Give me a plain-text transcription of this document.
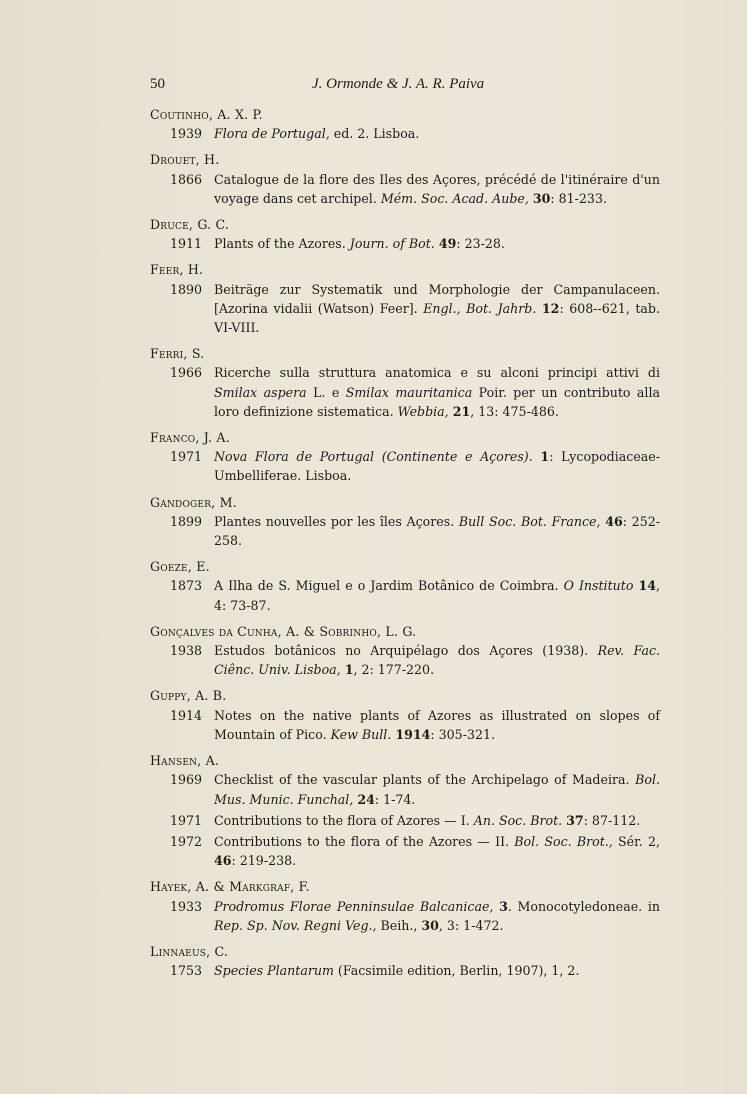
50	J. Ormonde & J. A. R. Paiva
Coutinho, A. X. P.
1939 Flora de Portugal, ed. 2. Lisboa.
Drouet, H.
1866 Catalogue de la flore des Iles des Açores, précédé de l'itinéraire d'un voyage dans cet archipel. Mém. Soc. Acad. Aube, 30: 81-233.
Druce, G. C.
1911 Plants of the Azores. Journ. of Bot. 49: 23-28.
Feer, H.
1890 Beiträge zur Systematik und Morphologie der Campanulaceen. [Azorina vidalii (Watson) Feer]. Engl., Bot. Jahrb. 12: 608--621, tab. VI-VIII.
Ferri, S.
1966 Ricerche sulla struttura anatomica e su alconi principi attivi di Smilax aspera L. e Smilax mauritanica Poir. per un contributo alla loro definizione sistematica. Webbia, 21, 13: 475-486.
Franco, J. A.
1971 Nova Flora de Portugal (Continente e Açores). 1: Lycopodiaceae-Umbelliferae. Lisboa.
Gandoger, M.
1899 Plantes nouvelles por les îles Açores. Bull Soc. Bot. France, 46: 252-258.
Goeze, E.
1873 A Ilha de S. Miguel e o Jardim Botânico de Coimbra. O Instituto 14, 4: 73-87.
Gonçalves da Cunha, A. & Sobrinho, L. G.
1938 Estudos botânicos no Arquipélago dos Açores (1938). Rev. Fac. Ciênc. Univ. Lisboa, 1, 2: 177-220.
Guppy, A. B.
1914 Notes on the native plants of Azores as illustrated on slopes of Mountain of Pico. Kew Bull. 1914: 305-321.
Hansen, A.
1969 Checklist of the vascular plants of the Archipelago of Madeira. Bol. Mus. Munic. Funchal, 24: 1-74.
1971 Contributions to the flora of Azores — I. An. Soc. Brot. 37: 87-112.
1972 Contributions to the flora of the Azores — II. Bol. Soc. Brot., Sér. 2, 46: 219-238.
Hayek, A. & Markgraf, F.
1933 Prodromus Florae Penninsulae Balcanicae, 3. Monocotyledoneae. in Rep. Sp. Nov. Regni Veg., Beih., 30, 3: 1-472.
Linnaeus, C.
1753 Species Plantarum (Facsimile edition, Berlin, 1907), 1, 2.
